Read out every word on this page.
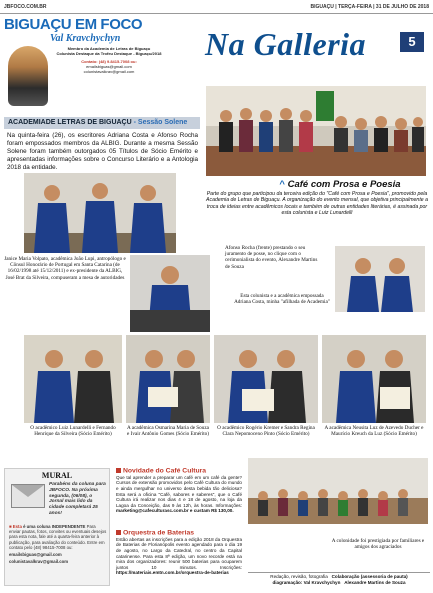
JBFOCO.COM.BR	BIGUAÇU | TERÇA-FEIRA | 31 DE JULHO DE 2018
BIGUAÇU EM FOCO
Val Kravchychyn
Membro da Academia de Letras de Biguaçu
Colunista Destaque da Trofeu Destaque - Biguaçu/2018
Contato: (48) 9.8415-7008 ou:
emailsbiguas@gmail.com
colunistavalkrav@gmail.com
Na Galleria	5
ACADEMIADE LETRAS DE BIGUAÇU - Sessão Solene
Na quinta-feira (26), os escritores Adriana Costa e Afonso Rocha foram empossados membros da ALBIG. Durante a mesma Sessão Solene foram também outorgados 05 Títulos de Sócio Emérito e apresentadas informações sobre o Concurso Literário e a Antologia 2018 da entidade.
^ Café com Prosa e Poesia
Parte do grupo que participou da terceira edição do "Café com Prosa e Poesia", promovido pela Academia de Letras de Biguaçu. A organização do evento mensal, que objetiva principalmente a troca de ideias entre acadêmicos locais e também de outras entidades literárias, é assinada por esta colunista e Luiz Lunardelli
Janice Maria Volpato, acadêmica João Lupi, antropólogo e Cônsul Honorário de Portugal em Santa Catarina (de 16/02/1998 até 15/12/2011) e ex-presidente da ALBIG, José Brat da Silveira, compuseram a mesa de autoridades
Afonso Rocha (frente) prestando o seu juramento de posse, no clique com o cerimonialista do evento, Alexandre Martins de Souza
Esta colunista e a acadêmica empossada Adriana Costa, minha "afilhada de Academia"
O acadêmico Luiz Lunardelli e Fernando Henrique da Silveira (Sócio Emérito)
A acadêmica Osmarina Maria de Souza e Ivair Antônio Gomes (Sócio Emérito)
O acadêmico Rogério Kremer e Sandra Regina Clara Nepomoceno Pinto (Sócio Emérito)
A acadêmica Neusita Luz de Azevedo Ducher e Maurício Kreuch da Luz (Sócio Emérito)
MURAL
Parabéns da coluna para JBFOCO. Na próxima segunda, (06/08), o Jornal mais lido da cidade completará 25 anos!
■ Esta é uma coluna INDEPENDENTE Para enviar pautas, fotos, convites ou eventuais desejos para esta nota, fale até a quarta-feira anterior à publicação, para avaliação do conteúdo. Entre em contato pelo (48) 98415-7008 ou:
emailsbiguas@gmail.com
colunistavalkrav@gmail.com
Novidade do Café Cultura
Que tal aprender a preparar um café em um café da gente? Cursos de extensão promovidos pelo Café Cultura do mundo e ainda mergulhar no universo desta bebida tão deliciosa? Esta será a oficina "Café, sabores e saberes", que o Café Cultura irá realizar nos dias 4 e 18 de agosto, na loja da Lagoa da Conceição, das 9 às 12h, às horas. Informações: marketing@cafeculturasc.com.br e custam R$ 130,00.
Orquestra de Baterias
Estão abertas as inscrições para a edição 2018 da Orquestra de Baterias de Florianópolis evento agendado para o dia 19 de agosto, no Largo da Catedral, no centro da Capital catarinense. Para esta 8ª edição, um novo recorde está na mira dos organizadores: reunir 500 baterias para ocuparem juntos 10 minutos. Inscrições: https://materiais.emtn.com.br/orquestra-de-baterias
A colonidade foi prestigiada por familiares e amigos dos agraciados
Redação, revisão, fotografia Colaboração (assessoria de pauta)
diagramação: Val Kravchychyn Alexandre Martins de Souza
